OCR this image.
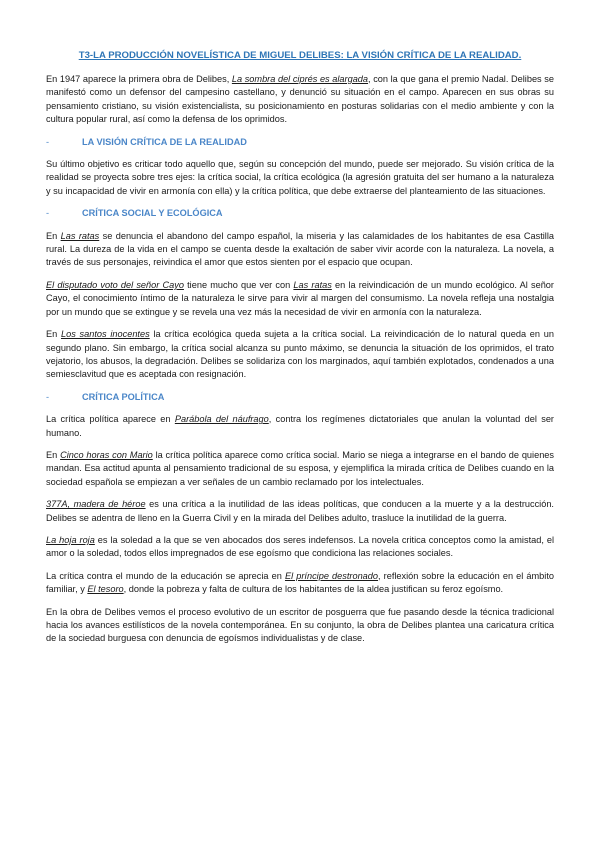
T3-LA PRODUCCIÓN NOVELÍSTICA DE MIGUEL DELIBES: LA VISIÓN CRÍTICA DE LA REALIDAD.

En 1947 aparece la primera obra de Delibes, La sombra del ciprés es alargada, con la que gana el premio Nadal. Delibes se manifestó como un defensor del campesino castellano, y denunció su situación en el campo. Aparecen en sus obras su pensamiento cristiano, su visión existencialista, su posicionamiento en posturas solidarias con el medio ambiente y con la cultura popular rural, así como la defensa de los oprimidos.

-	LA VISIÓN CRÍTICA DE LA REALIDAD

Su último objetivo es criticar todo aquello que, según su concepción del mundo, puede ser mejorado. Su visión crítica de la realidad se proyecta sobre tres ejes: la crítica social, la crítica ecológica (la agresión gratuita del ser humano a la naturaleza y su incapacidad de vivir en armonía con ella) y la crítica política, que debe extraerse del planteamiento de las situaciones.

-	CRÍTICA SOCIAL Y ECOLÓGICA

En Las ratas se denuncia el abandono del campo español, la miseria y las calamidades de los habitantes de esa Castilla rural. La dureza de la vida en el campo se cuenta desde la exaltación de saber vivir acorde con la naturaleza. La novela, a través de sus personajes, reivindica el amor que estos sienten por el espacio que ocupan.

El disputado voto del señor Cayo tiene mucho que ver con Las ratas en la reivindicación de un mundo ecológico. Al señor Cayo, el conocimiento íntimo de la naturaleza le sirve para vivir al margen del consumismo. La novela refleja una nostalgia por un mundo que se extingue y se revela una vez más la necesidad de vivir en armonía con la naturaleza.

En Los santos inocentes la crítica ecológica queda sujeta a la crítica social. La reivindicación de lo natural queda en un segundo plano. Sin embargo, la crítica social alcanza su punto máximo, se denuncia la situación de los oprimidos, el trato vejatorio, los abusos, la degradación. Delibes se solidariza con los marginados, aquí también explotados, condenados a una semiesclavitud que es aceptada con resignación.

-	CRÍTICA POLÍTICA

La crítica política aparece en Parábola del náufrago, contra los regímenes dictatoriales que anulan la voluntad del ser humano.

En Cinco horas con Mario la crítica política aparece como crítica social. Mario se niega a integrarse en el bando de quienes mandan. Esa actitud apunta al pensamiento tradicional de su esposa, y ejemplifica la mirada crítica de Delibes cuando en la sociedad española se empiezan a ver señales de un cambio reclamado por los intelectuales.

377A, madera de héroe es una crítica a la inutilidad de las ideas políticas, que conducen a la muerte y a la destrucción. Delibes se adentra de lleno en la Guerra Civil y en la mirada del Delibes adulto, trasluce la inutilidad de la guerra.

La hoja roja es la soledad a la que se ven abocados dos seres indefensos. La novela critica conceptos como la amistad, el amor o la soledad, todos ellos impregnados de ese egoísmo que condiciona las relaciones sociales.

La crítica contra el mundo de la educación se aprecia en El príncipe destronado, reflexión sobre la educación en el ámbito familiar, y El tesoro, donde la pobreza y falta de cultura de los habitantes de la aldea justifican su feroz egoísmo.

En la obra de Delibes vemos el proceso evolutivo de un escritor de posguerra que fue pasando desde la técnica tradicional hacia los avances estilísticos de la novela contemporánea. En su conjunto, la obra de Delibes plantea una caricatura crítica de la sociedad burguesa con denuncia de egoísmos individualistas y de clase.
